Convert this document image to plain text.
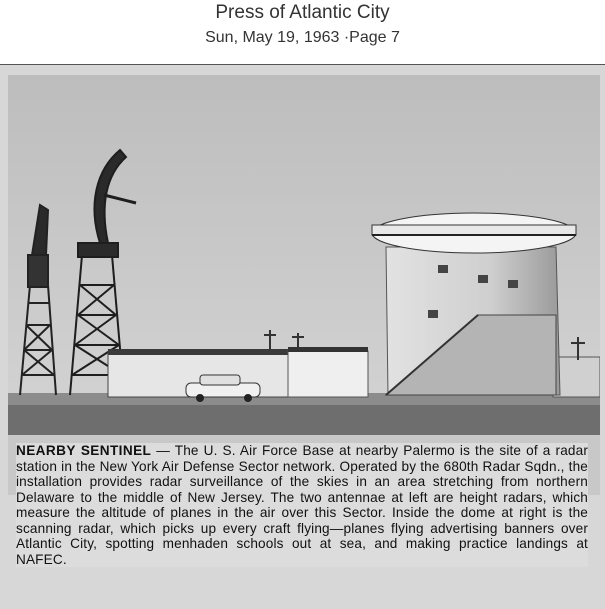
Press of Atlantic City
Sun, May 19, 1963 ·Page 7
NEARBY SENTINEL — The U. S. Air Force Base at nearby Palermo is the site of a radar station in the New York Air Defense Sector network. Operated by the 680th Radar Sqdn., the installation provides radar surveillance of the skies in an area stretching from northern Delaware to the middle of New Jersey. The two antennae at left are height radars, which measure the altitude of planes in the air over this Sector. Inside the dome at right is the scanning radar, which picks up every craft flying—planes flying advertising banners over Atlantic City, spotting menhaden schools out at sea, and making practice landings at NAFEC.
